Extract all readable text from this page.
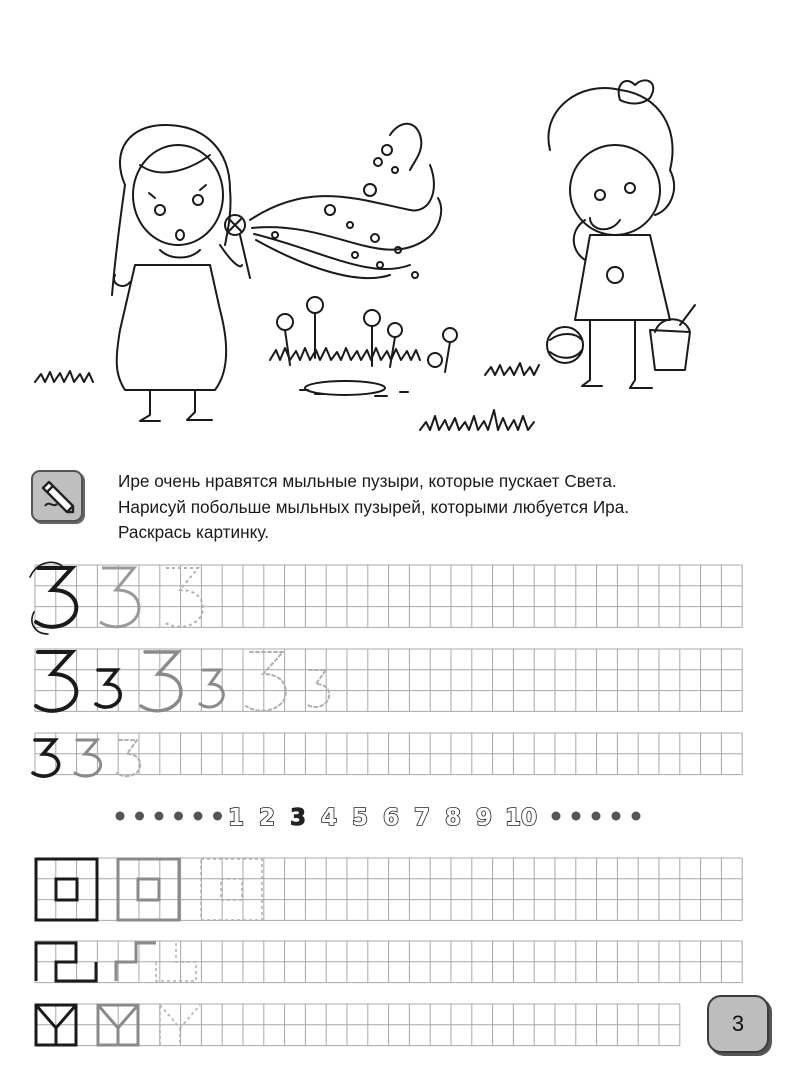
Ире очень нравятся мыльные пузыри, которые пускает Света.
Нарисуй побольше мыльных пузырей, которыми любуется Ира.
Раскрась картинку.
1 2 3 4 5 6 7 8 9 10
3
